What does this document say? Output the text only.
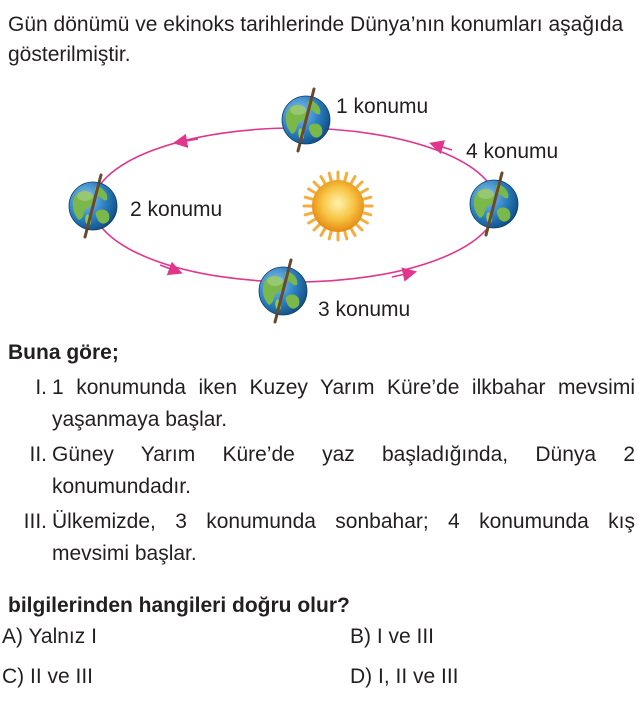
Gün dönümü ve ekinoks tarihlerinde Dünya’nın konumları aşağıda gösterilmiştir.

1 konumu
2 konumu
3 konumu
4 konumu

Buna göre;

I. 1 konumunda iken Kuzey Yarım Küre’de ilkbahar mevsimi yaşanmaya başlar.
II. Güney Yarım Küre’de yaz başladığında, Dünya 2 konumundadır.
III. Ülkemizde, 3 konumunda sonbahar; 4 konumunda kış mevsimi başlar.

bilgilerinden hangileri doğru olur?

A) Yalnız I	B) I ve III
C) II ve III	D) I, II ve III
